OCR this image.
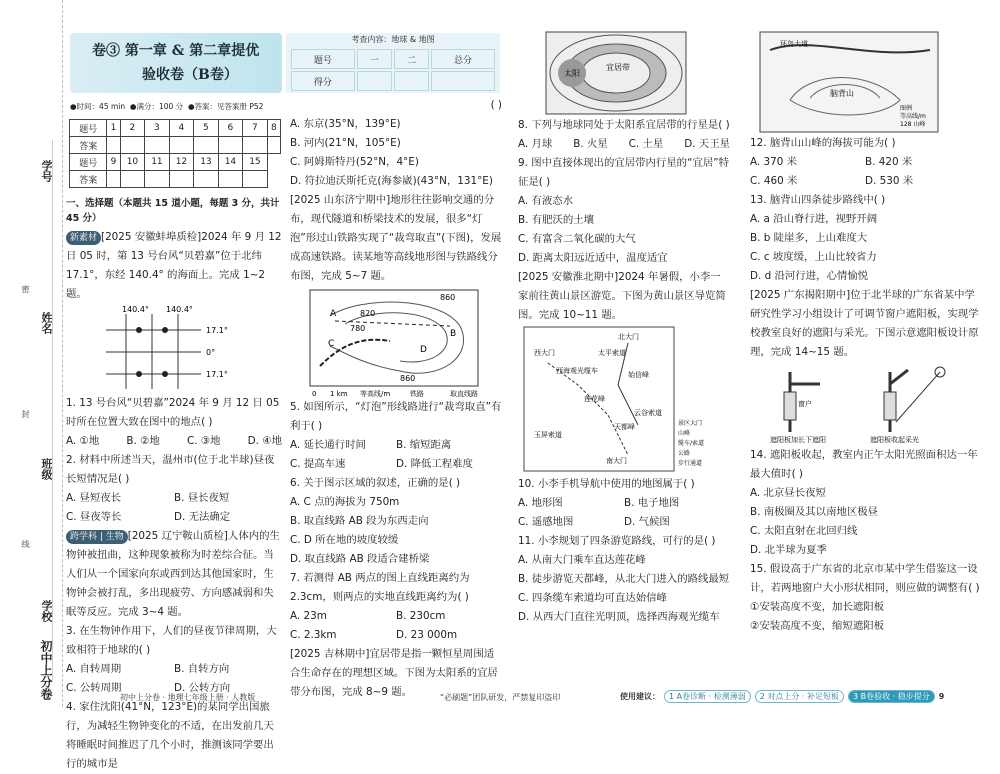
学号
姓名
班级
学校
初中上分卷
密
封
线
卷③ 第一章 & 第二章提优
验收卷（B卷）
考查内容：地球 & 地图
题号	一	二	总分
得分			
●时间：45 min ●满分：100 分 ●答案：见答案册 P52
题号	1	2	3	4	5	6	7	8
答案								
题号	9	10	11	12	13	14	15	
答案								
一、选择题（本题共 15 道小题，每题 3 分，共计 45 分）
新素材 [2025 安徽蚌埠质检]2024 年 9 月 12 日 05 时，第 13 号台风“贝碧嘉”位于北纬 17.1°，东经 140.4° 的海面上。完成 1~2 题。
140.4° 140.4°
17.1°
0°
17.1°
1. 13 号台风“贝碧嘉”2024 年 9 月 12 日 05 时所在位置大致在图中的地点( )
A. ①地	B. ②地	C. ③地	D. ④地
2. 材料中所述当天，温州市(位于北半球)昼夜长短情况是( )
A. 昼短夜长	B. 昼长夜短
C. 昼夜等长	D. 无法确定
跨学科 | 生物 [2025 辽宁鞍山质检]人体内的生物钟被扭曲，这种现象被称为时差综合征。当人们从一个国家向东或西到达其他国家时，生物钟会被打乱，多出现疲劳、方向感减弱和失眠等反应。完成 3~4 题。
3. 在生物钟作用下，人们的昼夜节律周期，大致相符于地球的( )
A. 自转周期	B. 自转方向
C. 公转周期	D. 公转方向
4. 家住沈阳(41°N，123°E)的某同学出国旅行，为减轻生物钟变化的不适，在出发前几天将睡眠时间推迟了几个小时，推测该同学要出行的城市是
( )
A. 东京(35°N，139°E)
B. 河内(21°N，105°E)
C. 阿姆斯特丹(52°N，4°E)
D. 符拉迪沃斯托克(海参崴)(43°N，131°E)
[2025 山东济宁期中]地形往往影响交通的分布，现代隧道和桥梁技术的发展，很多“灯泡”形过山铁路实现了“裁弯取直”(下图)，发展成高速铁路。读某地等高线地形图与铁路线分布图，完成 5~7 题。
860
820
780
860
A
B
C
D
0 1 km 等高线/m	铁路	取直线路
5. 如图所示，“灯泡”形线路进行“裁弯取直”有利于( )
A. 延长通行时间	B. 缩短距离
C. 提高车速	D. 降低工程难度
6. 关于图示区域的叙述，正确的是( )
A. C 点的海拔为 750m
B. 取直线路 AB 段为东西走向
C. D 所在地的坡度较缓
D. 取直线路 AB 段适合建桥梁
7. 若测得 AB 两点的图上直线距离约为 2.3cm，则两点的实地直线距离约为( )
A. 23m	B. 230cm
C. 2.3km	D. 23 000m
[2025 吉林期中]宜居带是指一颗恒星周围适合生命存在的理想区域。下图为太阳系的宜居带分布图，完成 8~9 题。
太阳
宜居带
8. 下列与地球同处于太阳系宜居带的行星是( )
A. 月球 B. 火星 C. 土星 D. 天王星
9. 图中直接体现出的宜居带内行星的“宜居”特征是( )
A. 有液态水
B. 有肥沃的土壤
C. 有富含二氧化碳的大气
D. 距离太阳远近适中，温度适宜
[2025 安徽淮北期中]2024 年暑假，小李一家前往黄山景区游览。下图为黄山景区导览简图。完成 10~11 题。
北大门
西大门
西海观光缆车
太平索道
始信峰
莲花峰
天都峰
云谷索道
玉屏索道
南大门
景区大门
山峰
缆车/索道
公路
步行通道
10. 小李手机导航中使用的地图属于( )
A. 地形图	B. 电子地图
C. 遥感地图	D. 气候图
11. 小李规划了四条游览路线，可行的是( )
A. 从南大门乘车直达莲花峰
B. 徒步游览天都峰，从北大门进入的路线最短
C. 四条缆车索道均可直达始信峰
D. 从西大门直往光明顶，选择西海观光缆车
脑背山
环岛大道
图例
等高线/m
128 山峰
12. 脑背山山峰的海拔可能为( )
A. 370 米	B. 420 米
C. 460 米	D. 530 米
13. 脑背山四条徒步路线中( )
A. a 沿山脊行进，视野开阔
B. b 陡崖多，上山难度大
C. c 坡度缓，上山比较省力
D. d 沿河行进，心情愉悦
[2025 广东揭阳期中]位于北半球的广东省某中学研究性学习小组设计了可调节窗户遮阳板，实现学校教室良好的遮阳与采光。下图示意遮阳板设计原理，完成 14~15 题。
窗户
遮阳板加长下遮阳	遮阳板收起采光
14. 遮阳板收起，教室内正午太阳光照面积达一年最大值时( )
A. 北京昼长夜短
B. 南极圈及其以南地区极昼
C. 太阳直射在北回归线
D. 北半球为夏季
15. 假设高于广东省的北京市某中学生借鉴这一设计，若两地窗户大小形状相同，则应做的调整有( )
①安装高度不变，加长遮阳板
②安装高度不变，缩短遮阳板
初中上分卷 · 地理七年级上册 · 人教版	“必刷题”团队研发，严禁复印盗印	使用建议：	1 A卷诊断 · 检测薄弱	2 对点上分 · 补足短板	3 B卷验收 · 稳步提分	9
